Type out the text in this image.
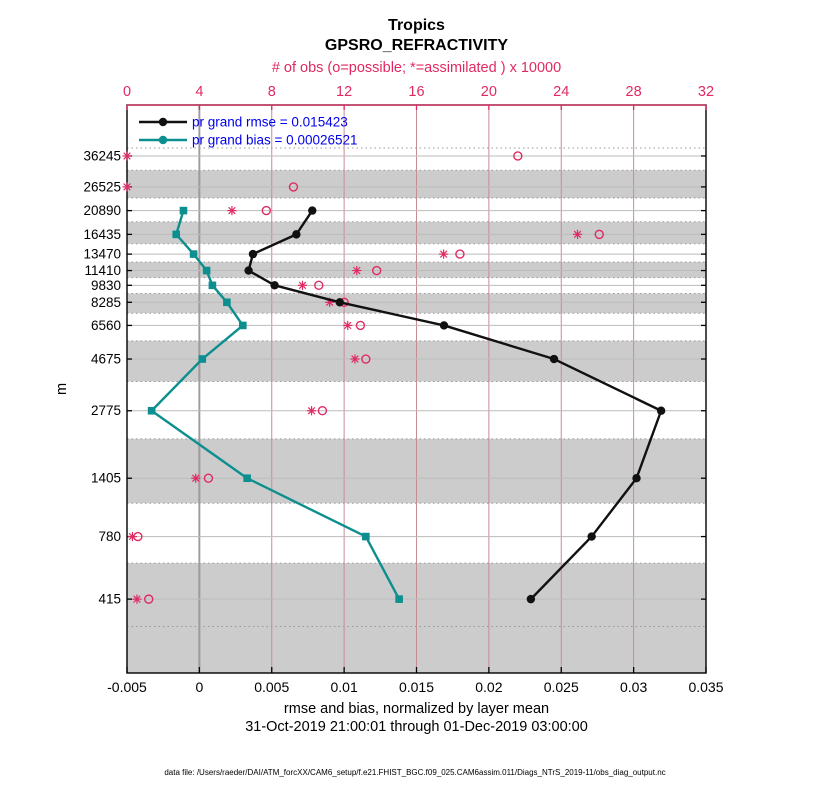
-0.005	0	0.005	0.01	0.015	0.02	0.025	0.03	0.035
0	4	8	12	16	20	24	28	32
36245
26525
20890
16435
13470
11410
9830
8285
6560
4675
2775
1405
780
415
Tropics
GPSRO_REFRACTIVITY
# of obs (o=possible; *=assimilated ) x 10000
m
rmse and bias, normalized by layer mean
31-Oct-2019 21:00:01 through 01-Dec-2019 03:00:00
data file: /Users/raeder/DAI/ATM_forcXX/CAM6_setup/f.e21.FHIST_BGC.f09_025.CAM6assim.011/Diags_NTrS_2019-11/obs_diag_output.nc
pr grand rmse = 0.015423
pr grand bias = 0.00026521
